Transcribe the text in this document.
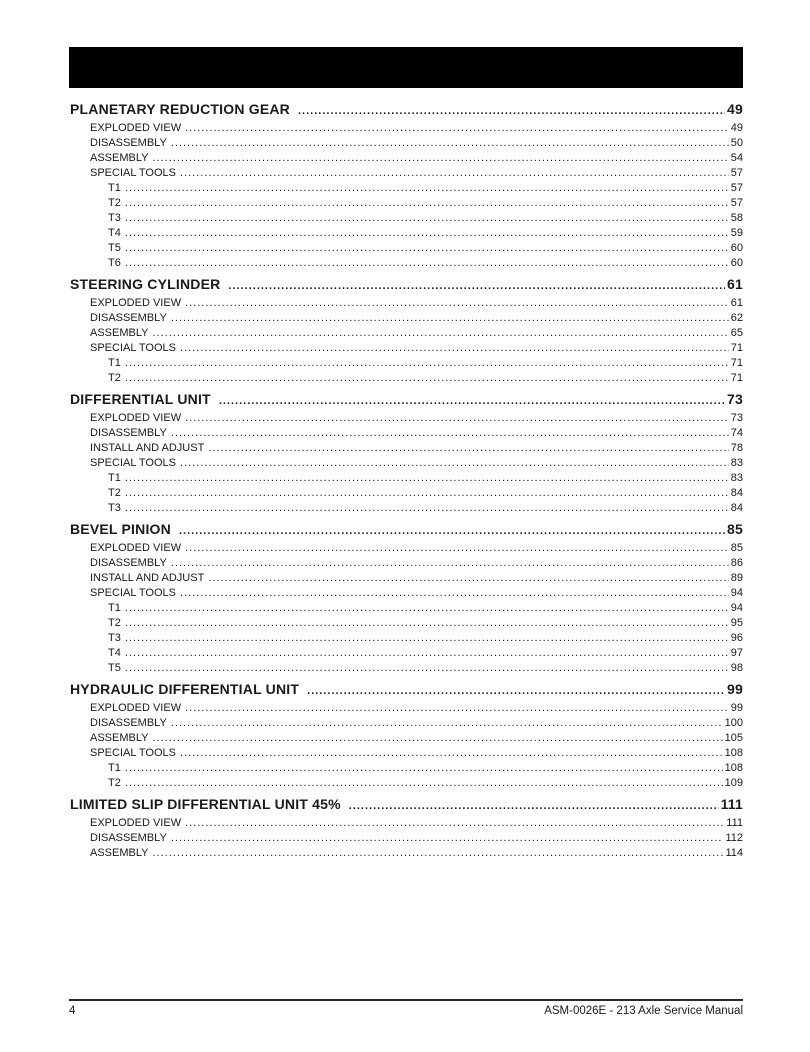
PLANETARY REDUCTION GEAR .....	49
EXPLODED VIEW .....	49
DISASSEMBLY .....	50
ASSEMBLY .....	54
SPECIAL TOOLS .....	57
T1 .....	57
T2 .....	57
T3 .....	58
T4 .....	59
T5 .....	60
T6 .....	60
STEERING CYLINDER .....	61
EXPLODED VIEW .....	61
DISASSEMBLY .....	62
ASSEMBLY .....	65
SPECIAL TOOLS .....	71
T1 .....	71
T2 .....	71
DIFFERENTIAL UNIT .....	73
EXPLODED VIEW .....	73
DISASSEMBLY .....	74
INSTALL AND ADJUST .....	78
SPECIAL TOOLS .....	83
T1 .....	83
T2 .....	84
T3 .....	84
BEVEL PINION .....	85
EXPLODED VIEW .....	85
DISASSEMBLY .....	86
INSTALL AND ADJUST .....	89
SPECIAL TOOLS .....	94
T1 .....	94
T2 .....	95
T3 .....	96
T4 .....	97
T5 .....	98
HYDRAULIC DIFFERENTIAL UNIT .....	99
EXPLODED VIEW .....	99
DISASSEMBLY .....	100
ASSEMBLY .....	105
SPECIAL TOOLS .....	108
T1 .....	108
T2 .....	109
LIMITED SLIP DIFFERENTIAL UNIT 45% .....	111
EXPLODED VIEW .....	111
DISASSEMBLY .....	112
ASSEMBLY .....	114
4	ASM-0026E - 213 Axle Service Manual
